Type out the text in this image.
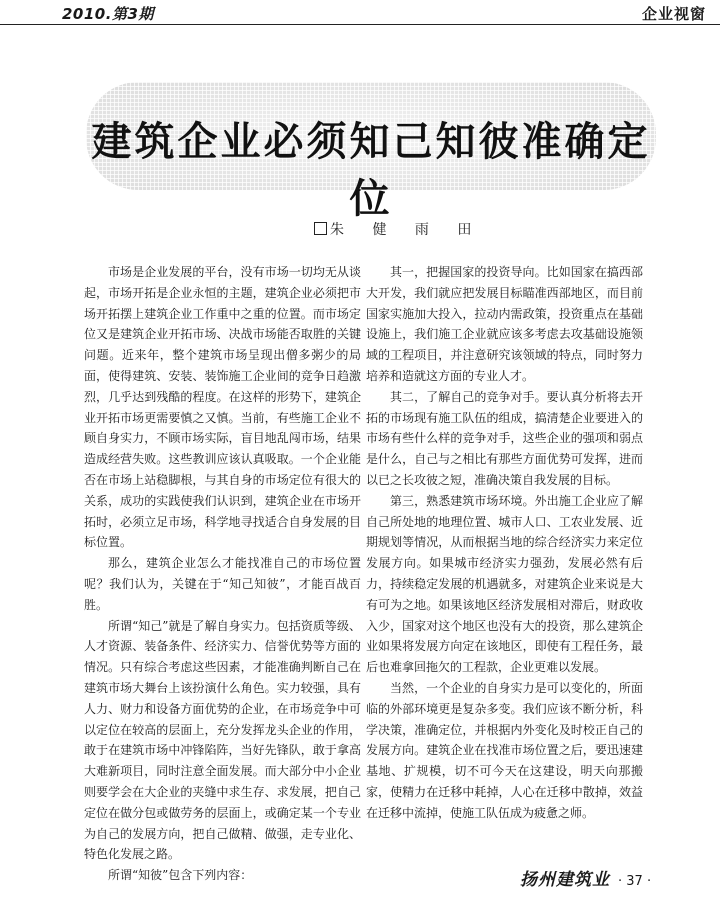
2010.第3期	企业视窗
建筑企业必须知己知彼准确定位
朱 健 雨 田

市场是企业发展的平台，没有市场一切均无从谈起，市场开拓是企业永恒的主题，建筑企业必须把市场开拓摆上建筑企业工作重中之重的位置。而市场定位又是建筑企业开拓市场、决战市场能否取胜的关键问题。近来年，整个建筑市场呈现出僧多粥少的局面，使得建筑、安装、装饰施工企业间的竞争日趋激烈，几乎达到残酷的程度。在这样的形势下，建筑企业开拓市场更需要慎之又慎。当前，有些施工企业不顾自身实力，不顾市场实际，盲目地乱闯市场，结果造成经营失败。这些教训应该认真吸取。一个企业能否在市场上站稳脚根，与其自身的市场定位有很大的关系，成功的实践使我们认识到，建筑企业在市场开拓时，必须立足市场，科学地寻找适合自身发展的目标位置。

那么，建筑企业怎么才能找准自己的市场位置呢？我们认为，关键在于“知己知彼”，才能百战百胜。

所谓“知己”就是了解自身实力。包括资质等级、人才资源、装备条件、经济实力、信誉优势等方面的情况。只有综合考虑这些因素，才能准确判断自己在建筑市场大舞台上该扮演什么角色。实力较强，具有人力、财力和设备方面优势的企业，在市场竞争中可以定位在较高的层面上，充分发挥龙头企业的作用，敢于在建筑市场中冲锋陷阵，当好先锋队，敢于拿高大难新项目，同时注意全面发展。而大部分中小企业则要学会在大企业的夹缝中求生存、求发展，把自己定位在做分包或做劳务的层面上，或确定某一个专业为自己的发展方向，把自己做精、做强，走专业化、特色化发展之路。

所谓“知彼”包含下列内容：

其一，把握国家的投资导向。比如国家在搞西部大开发，我们就应把发展目标瞄准西部地区，而目前国家实施加大投入，拉动内需政策，投资重点在基础设施上，我们施工企业就应该多考虑去攻基础设施领域的工程项目，并注意研究该领域的特点，同时努力培养和造就这方面的专业人才。

其二，了解自己的竞争对手。要认真分析将去开拓的市场现有施工队伍的组成，搞清楚企业要进入的市场有些什么样的竞争对手，这些企业的强项和弱点是什么，自己与之相比有那些方面优势可发挥，进而以已之长攻彼之短，准确决策自我发展的目标。

第三，熟悉建筑市场环境。外出施工企业应了解自己所处地的地理位置、城市人口、工农业发展、近期规划等情况，从而根据当地的综合经济实力来定位发展方向。如果城市经济实力强劲，发展必然有后力，持续稳定发展的机遇就多，对建筑企业来说是大有可为之地。如果该地区经济发展相对滞后，财政收入少，国家对这个地区也没有大的投资，那么建筑企业如果将发展方向定在该地区，即使有工程任务，最后也难拿回拖欠的工程款，企业更难以发展。

当然，一个企业的自身实力是可以变化的，所面临的外部环境更是复杂多变。我们应该不断分析，科学决策，准确定位，并根据内外变化及时校正自己的发展方向。建筑企业在找准市场位置之后，要迅速建基地、扩规模，切不可今天在这建设，明天向那搬家，使精力在迁移中耗掉，人心在迁移中散掉，效益在迁移中流掉，使施工队伍成为疲惫之师。

扬州建筑业 · 37 ·
